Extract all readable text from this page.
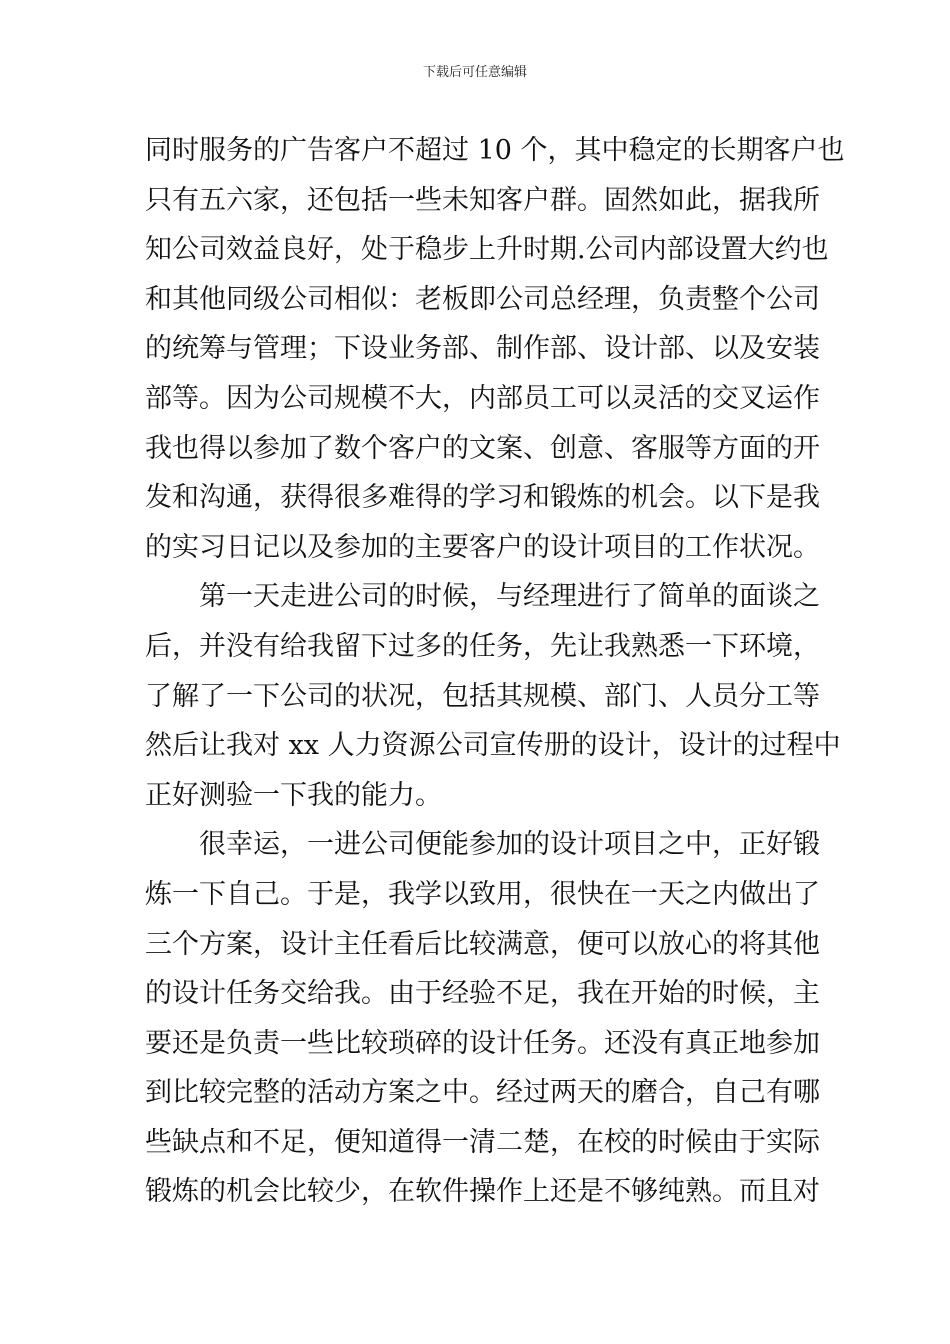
下载后可任意编辑
同时服务的广告客户不超过 10 个，其中稳定的长期客户也
只有五六家，还包括一些未知客户群。固然如此，据我所
知公司效益良好，处于稳步上升时期.公司内部设置大约也
和其他同级公司相似：老板即公司总经理，负责整个公司
的统筹与管理；下设业务部、制作部、设计部、以及安装
部等。因为公司规模不大，内部员工可以灵活的交叉运作
我也得以参加了数个客户的文案、创意、客服等方面的开
发和沟通，获得很多难得的学习和锻炼的机会。以下是我
的实习日记以及参加的主要客户的设计项目的工作状况。
　　第一天走进公司的时候，与经理进行了简单的面谈之
后，并没有给我留下过多的任务，先让我熟悉一下环境，
了解了一下公司的状况，包括其规模、部门、人员分工等
然后让我对 xx 人力资源公司宣传册的设计，设计的过程中
正好测验一下我的能力。
　　很幸运，一进公司便能参加的设计项目之中，正好锻
炼一下自己。于是，我学以致用，很快在一天之内做出了
三个方案，设计主任看后比较满意，便可以放心的将其他
的设计任务交给我。由于经验不足，我在开始的时候，主
要还是负责一些比较琐碎的设计任务。还没有真正地参加
到比较完整的活动方案之中。经过两天的磨合，自己有哪
些缺点和不足，便知道得一清二楚，在校的时候由于实际
锻炼的机会比较少，在软件操作上还是不够纯熟。而且对
